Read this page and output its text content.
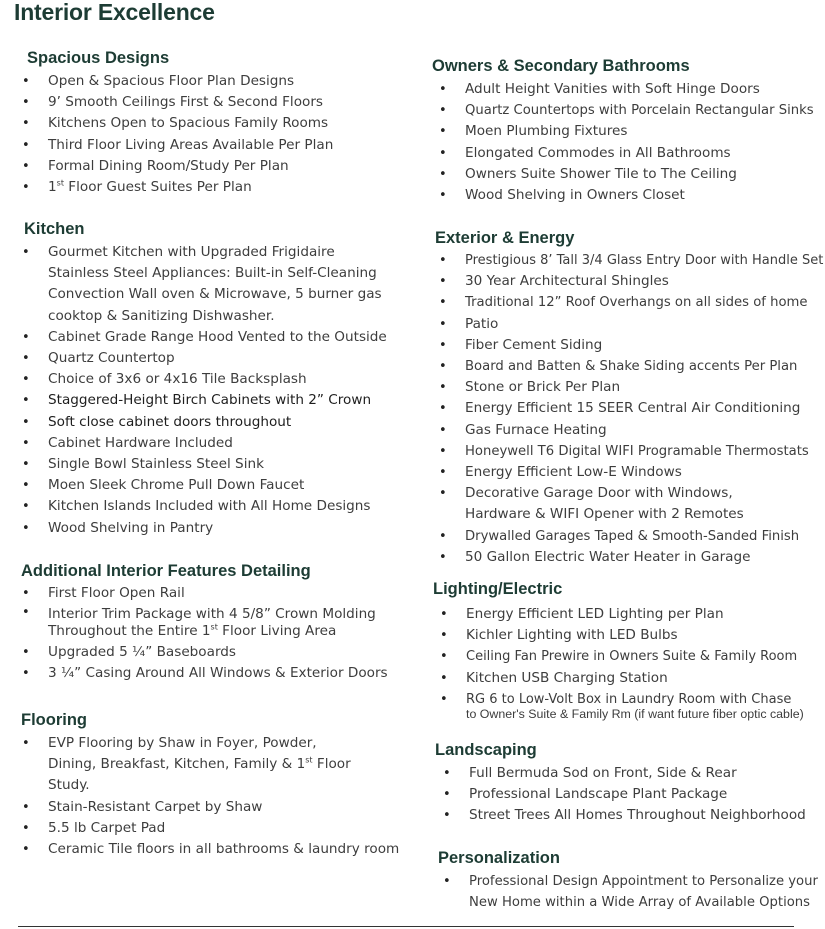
Interior Excellence
Spacious Designs
• Open & Spacious Floor Plan Designs
• 9’ Smooth Ceilings First & Second Floors
• Kitchens Open to Spacious Family Rooms
• Third Floor Living Areas Available Per Plan
• Formal Dining Room/Study Per Plan
• 1st Floor Guest Suites Per Plan
Kitchen
• Gourmet Kitchen with Upgraded Frigidaire Stainless Steel Appliances: Built-in Self-Cleaning Convection Wall oven & Microwave, 5 burner gas cooktop & Sanitizing Dishwasher.
• Cabinet Grade Range Hood Vented to the Outside
• Quartz Countertop
• Choice of 3x6 or 4x16 Tile Backsplash
• Staggered-Height Birch Cabinets with 2” Crown
• Soft close cabinet doors throughout
• Cabinet Hardware Included
• Single Bowl Stainless Steel Sink
• Moen Sleek Chrome Pull Down Faucet
• Kitchen Islands Included with All Home Designs
• Wood Shelving in Pantry
Additional Interior Features Detailing
• First Floor Open Rail
• Interior Trim Package with 4 5/8” Crown Molding
Throughout the Entire 1st Floor Living Area
• Upgraded 5 ¼” Baseboards
• 3 ¼” Casing Around All Windows & Exterior Doors
Flooring
• EVP Flooring by Shaw in Foyer, Powder, Dining, Breakfast, Kitchen, Family & 1st Floor Study.
• Stain-Resistant Carpet by Shaw
• 5.5 lb Carpet Pad
• Ceramic Tile floors in all bathrooms & laundry room
Owners & Secondary Bathrooms
• Adult Height Vanities with Soft Hinge Doors
• Quartz Countertops with Porcelain Rectangular Sinks
• Moen Plumbing Fixtures
• Elongated Commodes in All Bathrooms
• Owners Suite Shower Tile to The Ceiling
• Wood Shelving in Owners Closet
Exterior & Energy
• Prestigious 8’ Tall 3/4 Glass Entry Door with Handle Set
• 30 Year Architectural Shingles
• Traditional 12” Roof Overhangs on all sides of home
• Patio
• Fiber Cement Siding
• Board and Batten & Shake Siding accents Per Plan
• Stone or Brick Per Plan
• Energy Efficient 15 SEER Central Air Conditioning
• Gas Furnace Heating
• Honeywell T6 Digital WIFI Programable Thermostats
• Energy Efficient Low-E Windows
• Decorative Garage Door with Windows, Hardware & WIFI Opener with 2 Remotes
• Drywalled Garages Taped & Smooth-Sanded Finish
• 50 Gallon Electric Water Heater in Garage
Lighting/Electric
• Energy Efficient LED Lighting per Plan
• Kichler Lighting with LED Bulbs
• Ceiling Fan Prewire in Owners Suite & Family Room
• Kitchen USB Charging Station
• RG 6 to Low-Volt Box in Laundry Room with Chase
to Owner's Suite & Family Rm (if want future fiber optic cable)
Landscaping
• Full Bermuda Sod on Front, Side & Rear
• Professional Landscape Plant Package
• Street Trees All Homes Throughout Neighborhood
Personalization
• Professional Design Appointment to Personalize your New Home within a Wide Array of Available Options
